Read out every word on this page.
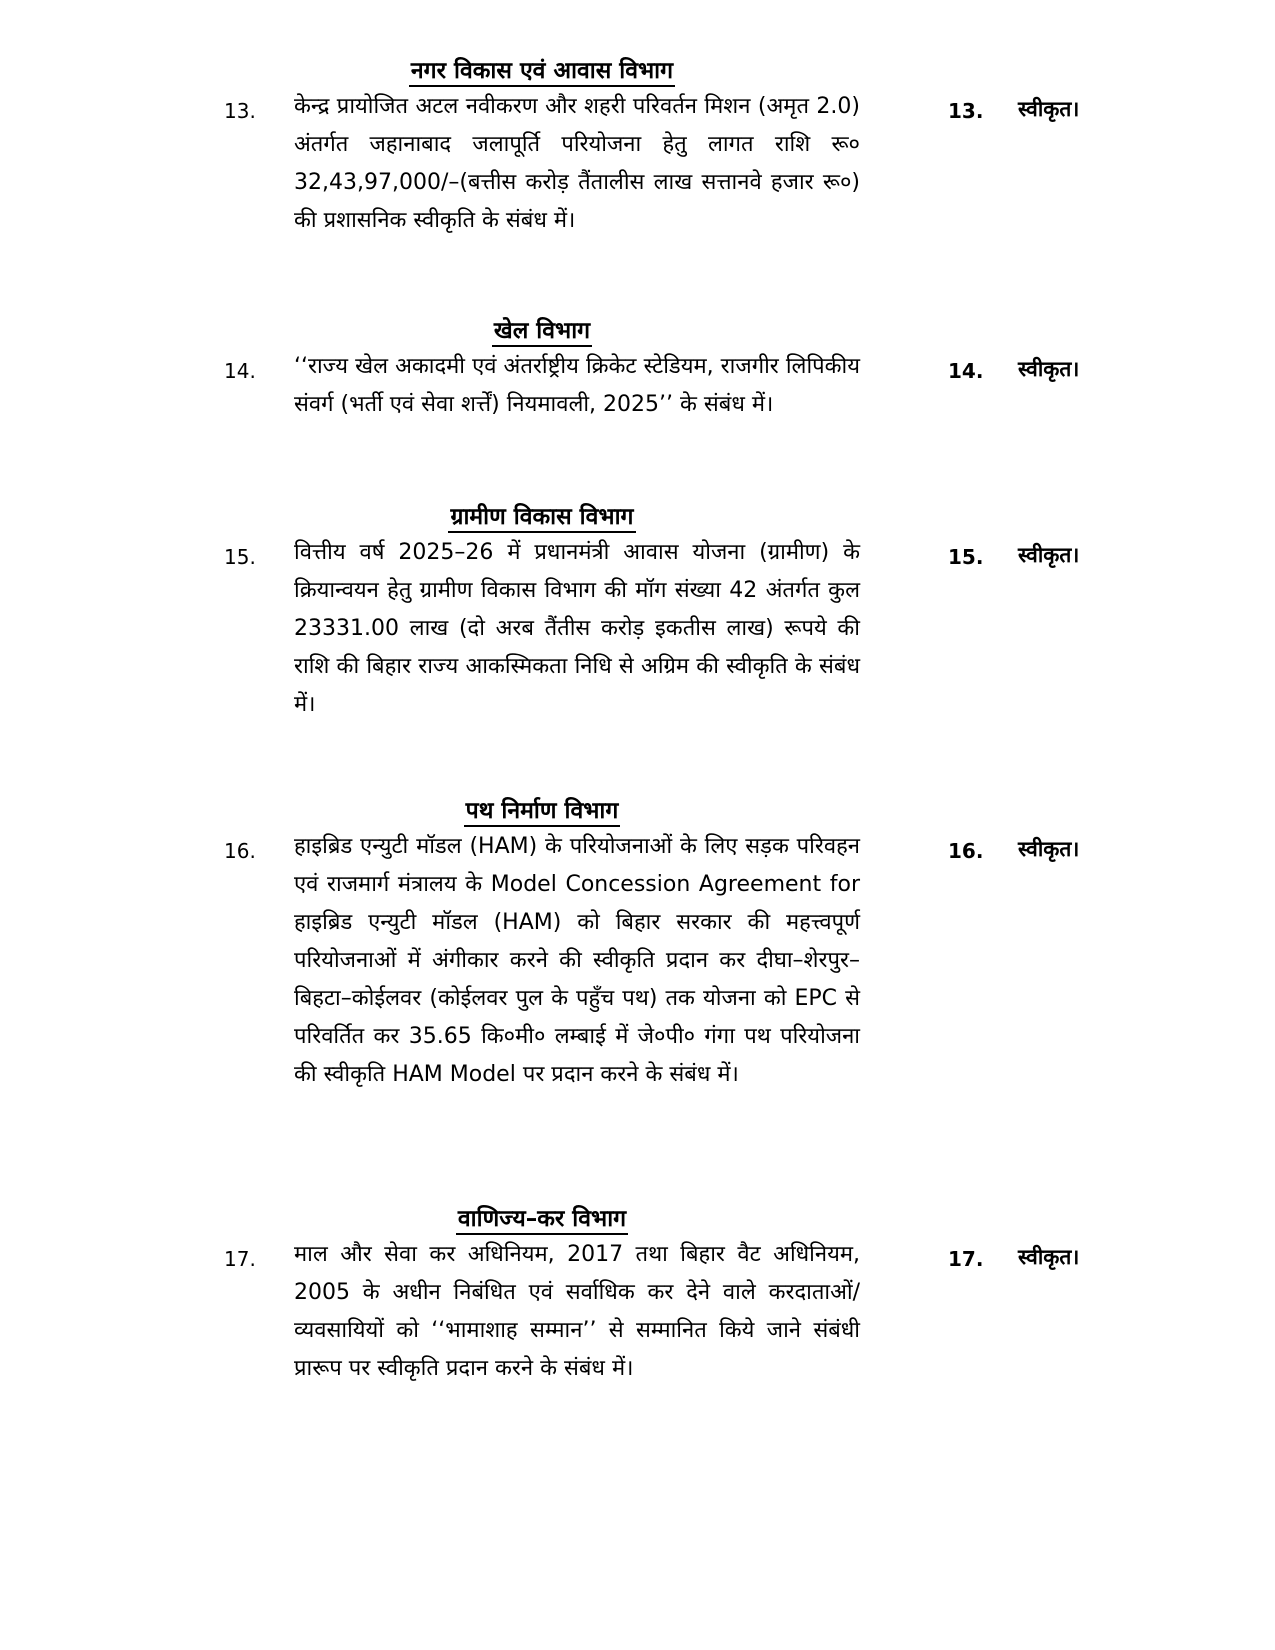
नगर विकास एवं आवास विभाग
13. केन्द्र प्रायोजित अटल नवीकरण और शहरी परिवर्तन मिशन (अमृत 2.0) अंतर्गत जहानाबाद जलापूर्ति परियोजना हेतु लागत राशि रू० 32,43,97,000/–(बत्तीस करोड़ तैंतालीस लाख सत्तानवे हजार रू०) की प्रशासनिक स्वीकृति के संबंध में।
13. स्वीकृत।
खेल विभाग
14. ‘‘राज्य खेल अकादमी एवं अंतर्राष्ट्रीय क्रिकेट स्टेडियम, राजगीर लिपिकीय संवर्ग (भर्ती एवं सेवा शर्त्तें) नियमावली, 2025’’ के संबंध में।
14. स्वीकृत।
ग्रामीण विकास विभाग
15. वित्तीय वर्ष 2025–26 में प्रधानमंत्री आवास योजना (ग्रामीण) के क्रियान्वयन हेतु ग्रामीण विकास विभाग की मॉग संख्या 42 अंतर्गत कुल 23331.00 लाख (दो अरब तैंतीस करोड़ इकतीस लाख) रूपये की राशि की बिहार राज्य आकस्मिकता निधि से अग्रिम की स्वीकृति के संबंध में।
15. स्वीकृत।
पथ निर्माण विभाग
16. हाइब्रिड एन्युटी मॉडल (HAM) के परियोजनाओं के लिए सड़क परिवहन एवं राजमार्ग मंत्रालय के Model Concession Agreement for हाइब्रिड एन्युटी मॉडल (HAM) को बिहार सरकार की महत्त्वपूर्ण परियोजनाओं में अंगीकार करने की स्वीकृति प्रदान कर दीघा–शेरपुर–बिहटा–कोईलवर (कोईलवर पुल के पहुँच पथ) तक योजना को EPC से परिवर्तित कर 35.65 कि०मी० लम्बाई में जे०पी० गंगा पथ परियोजना की स्वीकृति HAM Model पर प्रदान करने के संबंध में।
16. स्वीकृत।
वाणिज्य–कर विभाग
17. माल और सेवा कर अधिनियम, 2017 तथा बिहार वैट अधिनियम, 2005 के अधीन निबंधित एवं सर्वाधिक कर देने वाले करदाताओं/व्यवसायियों को ‘‘भामाशाह सम्मान’’ से सम्मानित किये जाने संबंधी प्रारूप पर स्वीकृति प्रदान करने के संबंध में।
17. स्वीकृत।
